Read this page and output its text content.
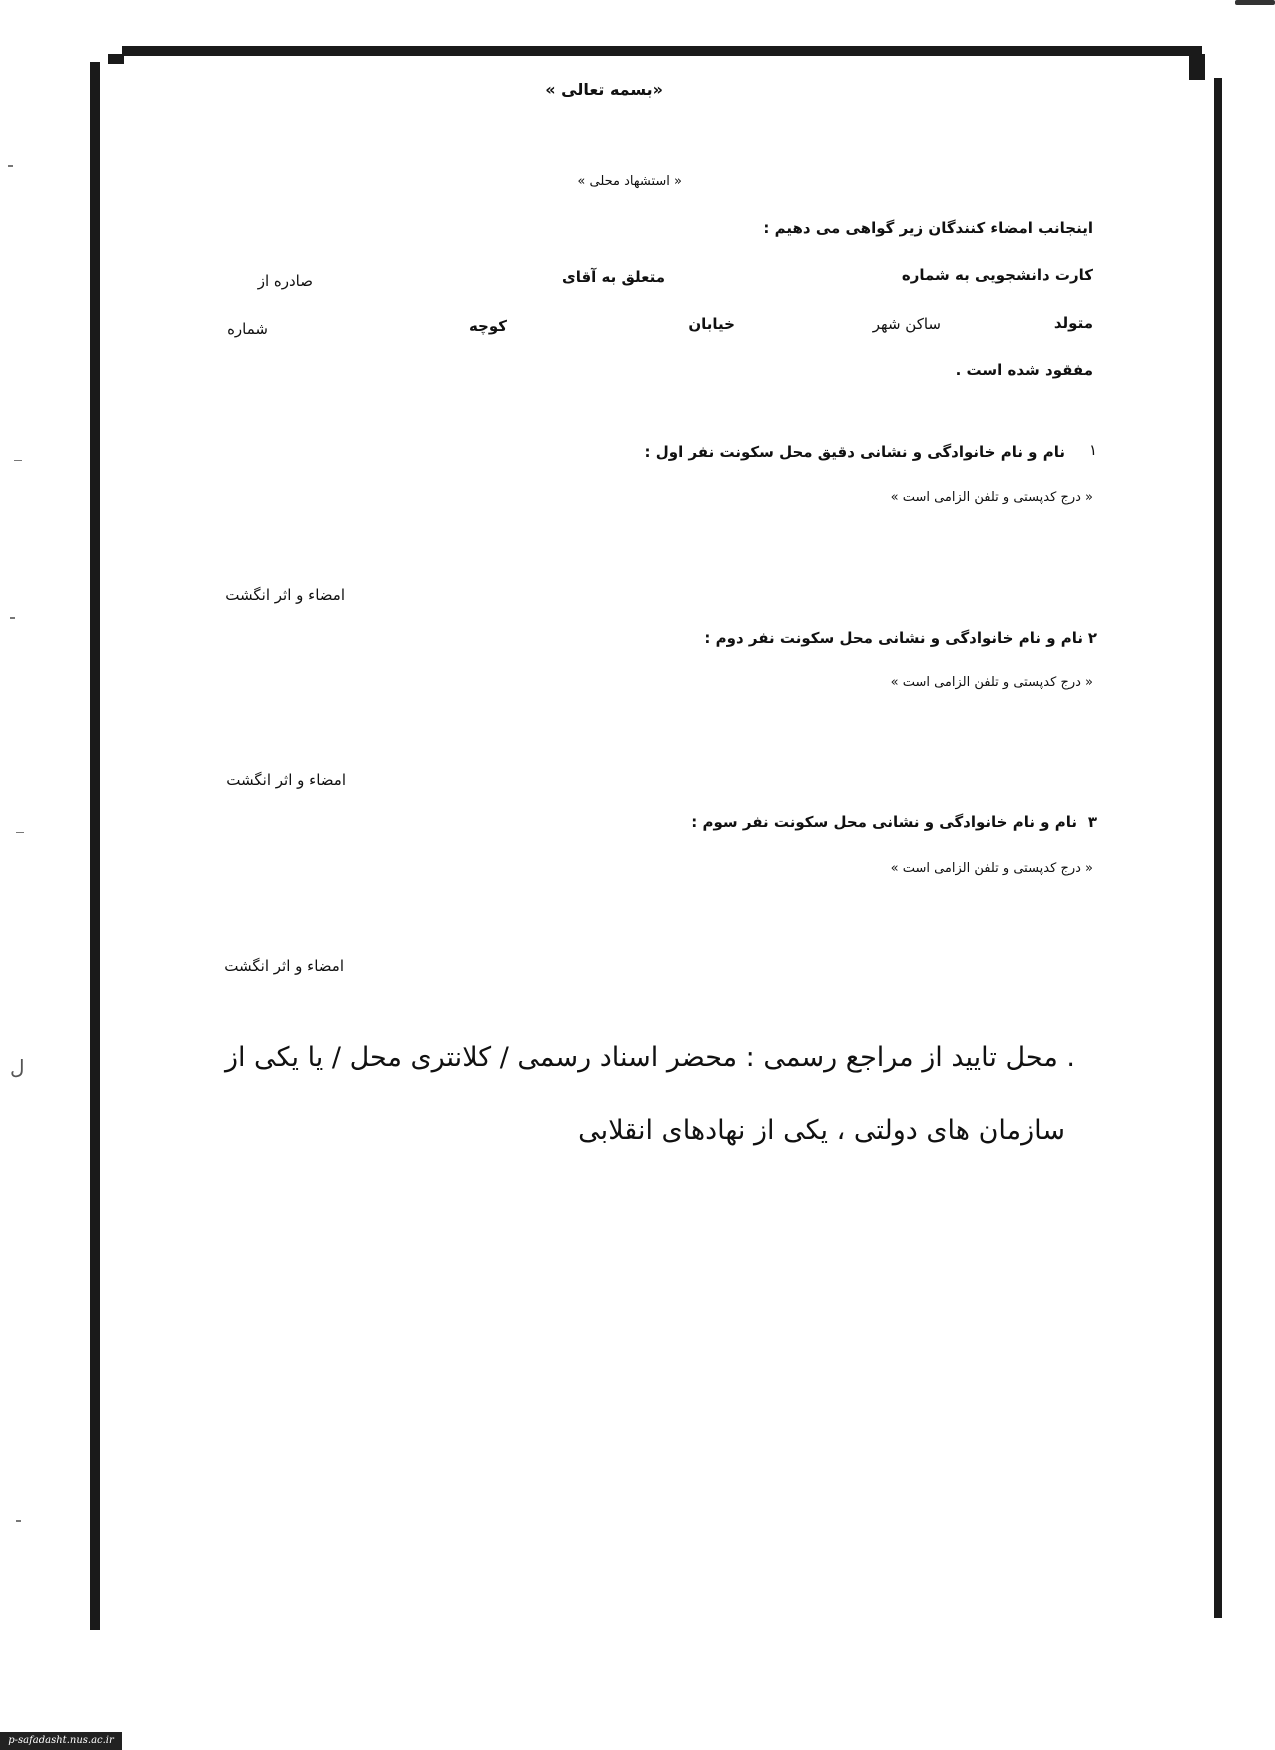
«بسمه تعالی »
« استشهاد محلی »
اینجانب امضاء کنندگان زیر گواهی می دهیم :
کارت دانشجویی به شماره
متعلق به آقای
صادره از
متولد
ساکن شهر
خیابان
کوچه
شماره
مفقود شده است .
١
نام و نام خانوادگی و نشانی دقیق محل سکونت نفر اول :
« درج کدپستی و تلفن الزامی است »
امضاء و اثر انگشت
٢
نام و نام خانوادگی و نشانی محل سکونت نفر دوم :
« درج کدپستی و تلفن الزامی است »
امضاء و اثر انگشت
٣
نام و نام خانوادگی و نشانی محل سکونت نفر سوم :
« درج کدپستی و تلفن الزامی است »
امضاء و اثر انگشت
. محل تایید از مراجع رسمی : محضر اسناد رسمی / کلانتری محل / یا یکی از
سازمان های دولتی ، یکی از نهادهای انقلابی
ل
p-safadasht.nus.ac.ir
